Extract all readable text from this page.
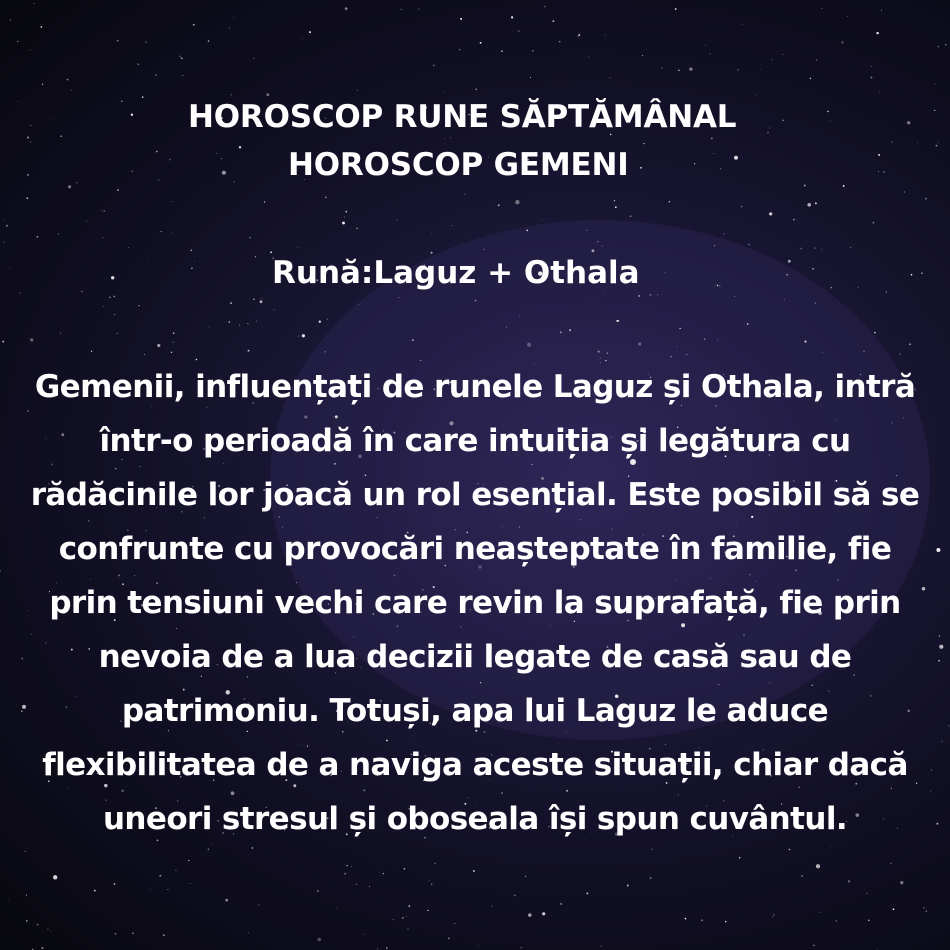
HOROSCOP RUNE SĂPTĂMÂNAL
HOROSCOP GEMENI
Rună:Laguz + Othala
Gemenii, influențați de runele Laguz și Othala, intră într-o perioadă în care intuiția și legătura cu rădăcinile lor joacă un rol esențial. Este posibil să se confrunte cu provocări neașteptate în familie, fie prin tensiuni vechi care revin la suprafață, fie prin nevoia de a lua decizii legate de casă sau de patrimoniu. Totuși, apa lui Laguz le aduce flexibilitatea de a naviga aceste situații, chiar dacă uneori stresul și oboseala își spun cuvântul.
